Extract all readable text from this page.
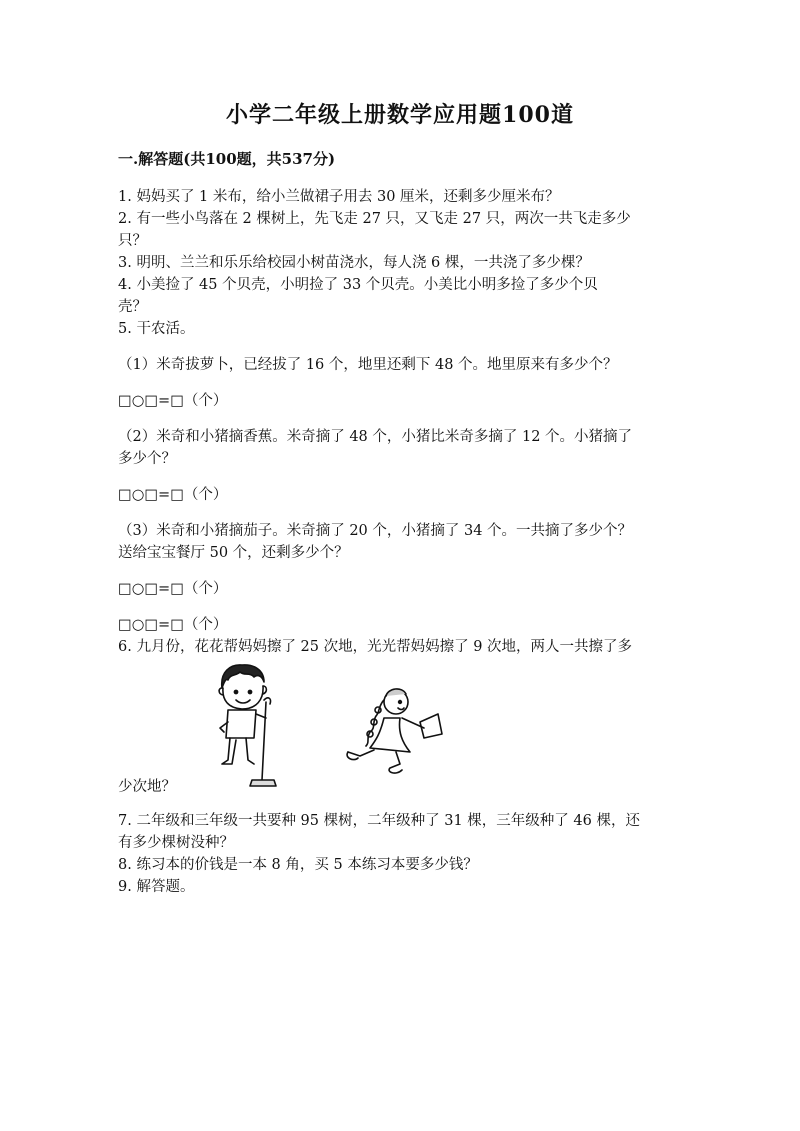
小学二年级上册数学应用题100道
一.解答题(共100题，共537分)
1. 妈妈买了 1 米布，给小兰做裙子用去 30 厘米，还剩多少厘米布？
2. 有一些小鸟落在 2 棵树上，先飞走 27 只，又飞走 27 只，两次一共飞走多少
只？
3. 明明、兰兰和乐乐给校园小树苗浇水，每人浇 6 棵，一共浇了多少棵？
4. 小美捡了 45 个贝壳，小明捡了 33 个贝壳。小美比小明多捡了多少个贝
壳？
5. 干农活。
（1）米奇拔萝卜，已经拔了 16 个，地里还剩下 48 个。地里原来有多少个？
□○□=□（个）
（2）米奇和小猪摘香蕉。米奇摘了 48 个，小猪比米奇多摘了 12 个。小猪摘了
多少个？
□○□=□（个）
（3）米奇和小猪摘茄子。米奇摘了 20 个，小猪摘了 34 个。一共摘了多少个？
送给宝宝餐厅 50 个，还剩多少个？
□○□=□（个）
□○□=□（个）
6. 九月份，花花帮妈妈擦了 25 次地，光光帮妈妈擦了 9 次地，两人一共擦了多
少次地？
7. 二年级和三年级一共要种 95 棵树，二年级种了 31 棵，三年级种了 46 棵，还
有多少棵树没种？
8. 练习本的价钱是一本 8 角，买 5 本练习本要多少钱？
9. 解答题。
